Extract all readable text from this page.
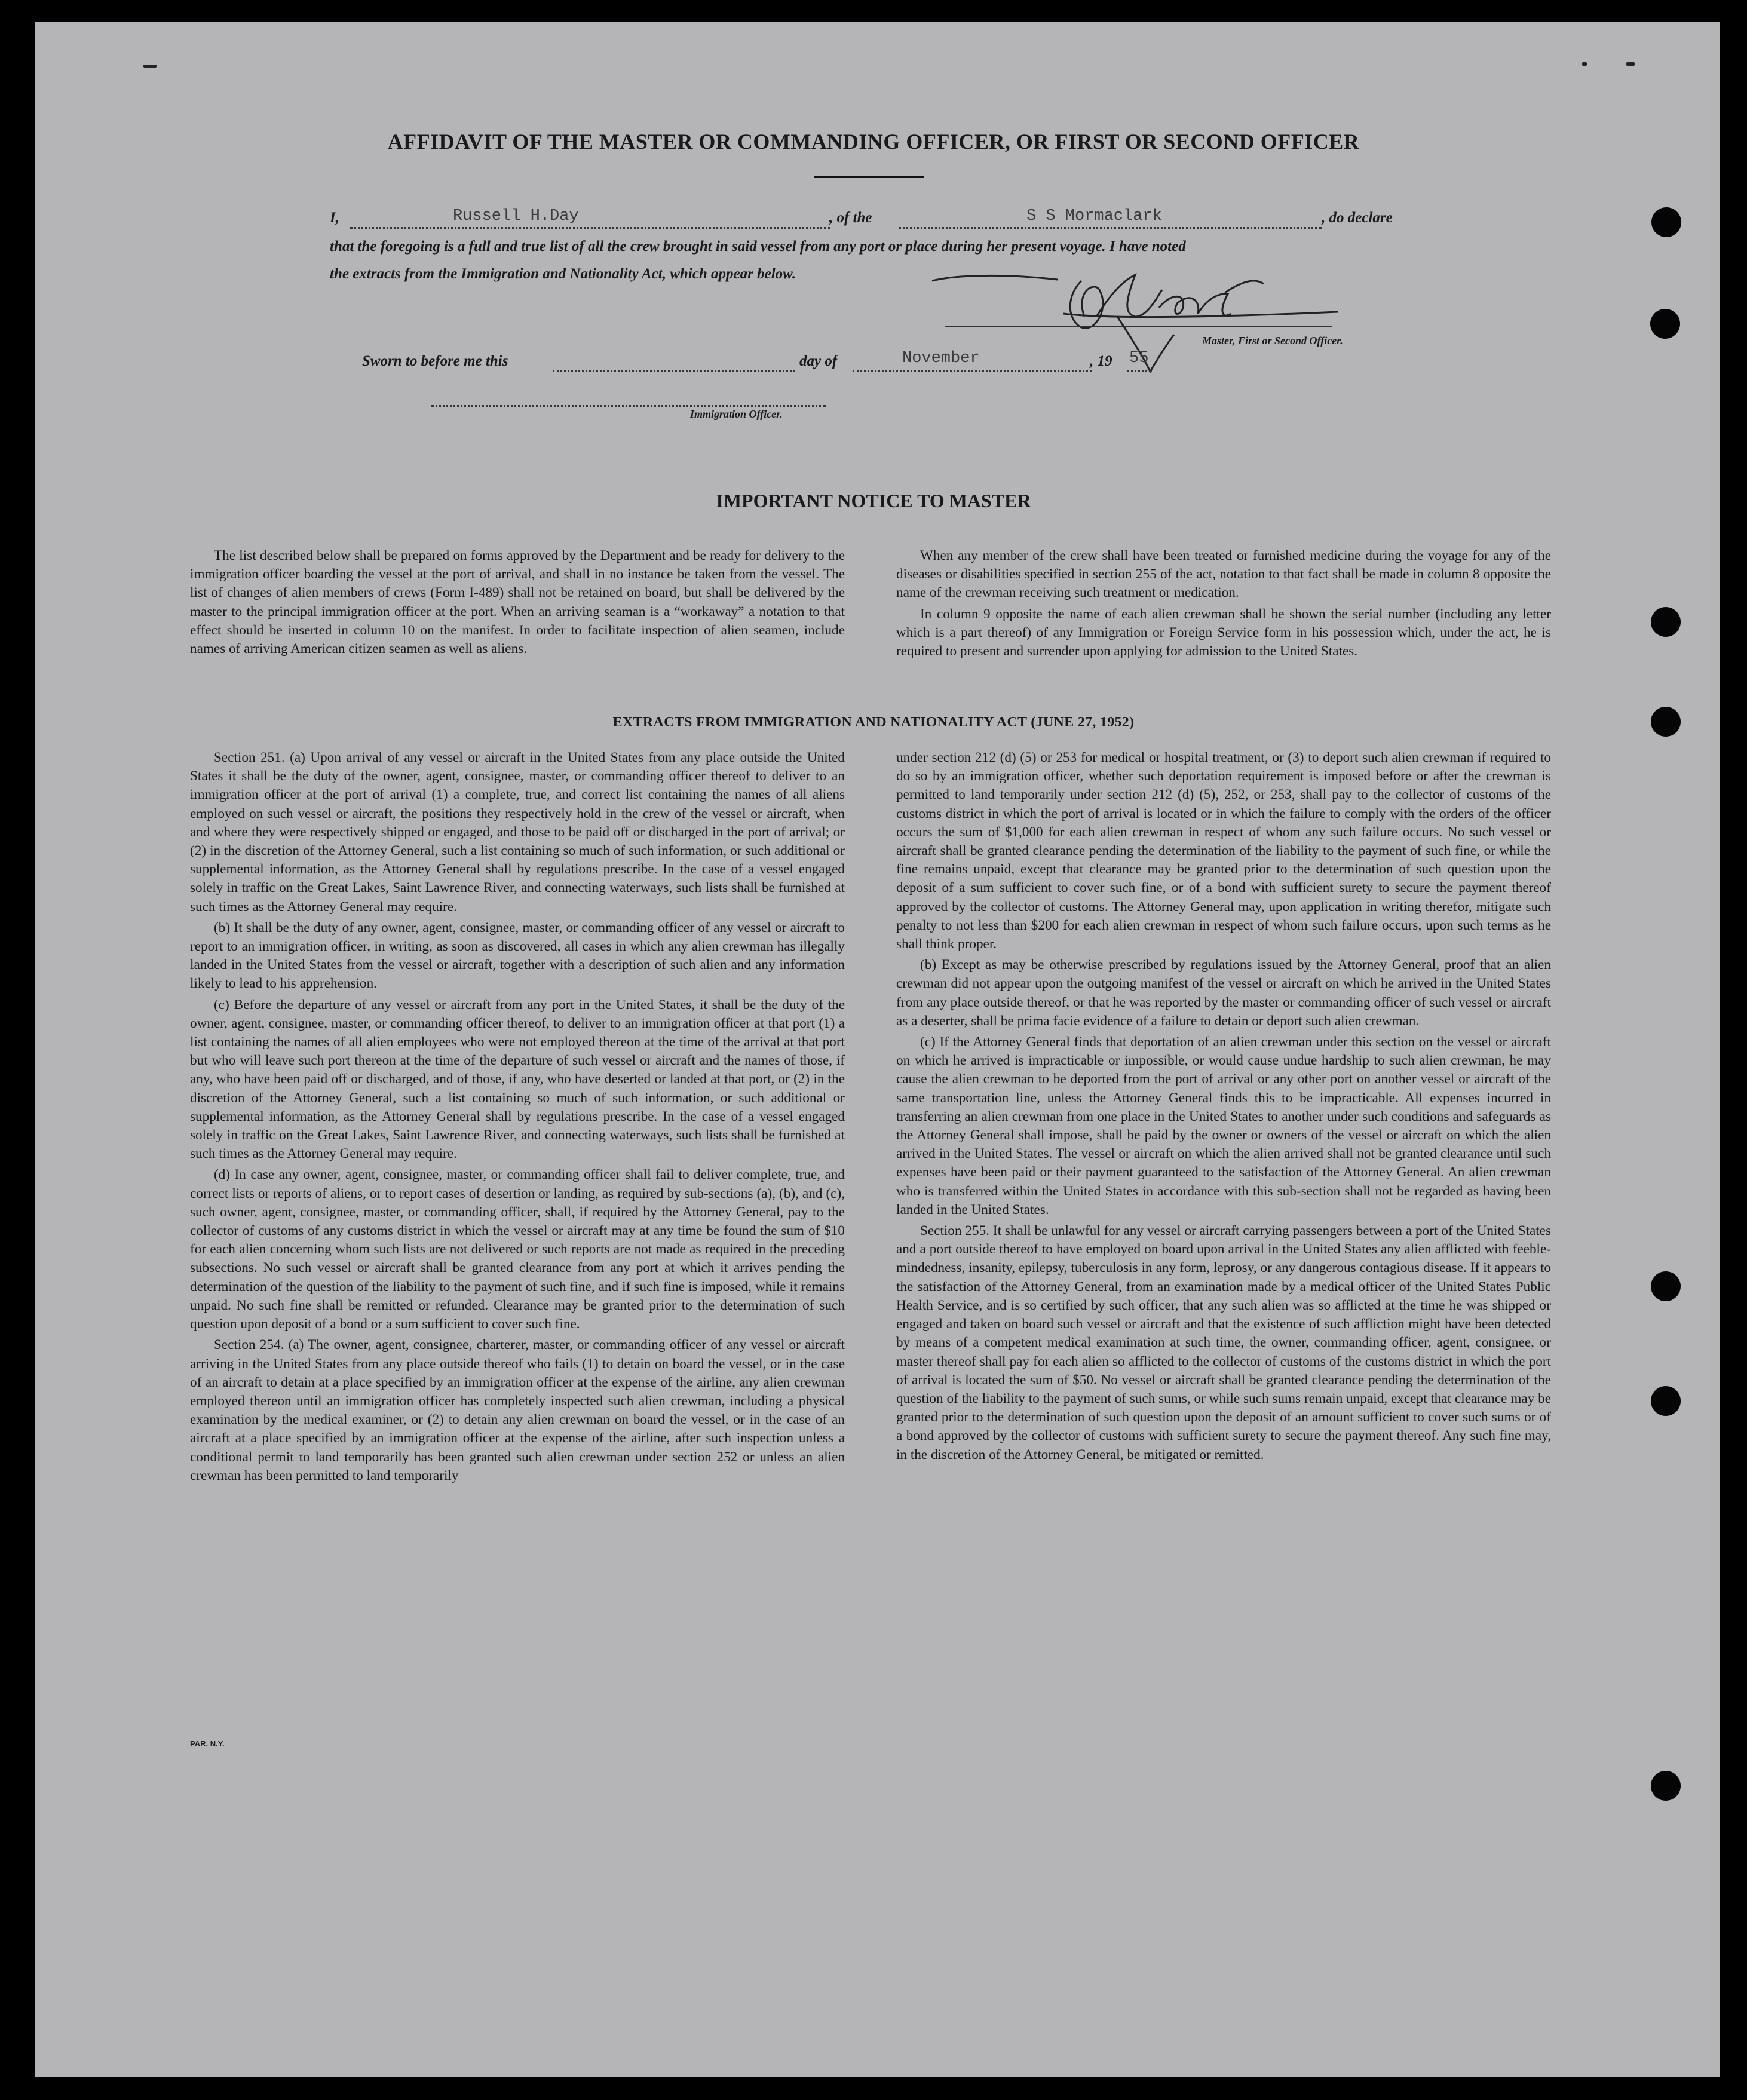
AFFIDAVIT OF THE MASTER OR COMMANDING OFFICER, OR FIRST OR SECOND OFFICER
I,	Russell H.Day	, of the	S S Mormaclark	, do declare
that the foregoing is a full and true list of all the crew brought in said vessel from any port or place during her present voyage. I have noted
the extracts from the Immigration and Nationality Act, which appear below.
Master, First or Second Officer.
Sworn to before me this	day of	November	, 19 55
Immigration Officer.
IMPORTANT NOTICE TO MASTER

The list described below shall be prepared on forms approved by the Department and be ready for delivery to the immigration officer boarding the vessel at the port of arrival, and shall in no instance be taken from the vessel. The list of changes of alien members of crews (Form I-489) shall not be retained on board, but shall be delivered by the master to the principal immigration officer at the port. When an arriving seaman is a “workaway” a notation to that effect should be inserted in column 10 on the manifest. In order to facilitate inspection of alien seamen, include names of arriving American citizen seamen as well as aliens.

When any member of the crew shall have been treated or furnished medicine during the voyage for any of the diseases or disabilities specified in section 255 of the act, notation to that fact shall be made in column 8 opposite the name of the crewman receiving such treatment or medication.

In column 9 opposite the name of each alien crewman shall be shown the serial number (including any letter which is a part thereof) of any Immigration or Foreign Service form in his possession which, under the act, he is required to present and surrender upon applying for admission to the United States.

EXTRACTS FROM IMMIGRATION AND NATIONALITY ACT (JUNE 27, 1952)

Section 251. (a) Upon arrival of any vessel or aircraft in the United States from any place outside the United States it shall be the duty of the owner, agent, consignee, master, or commanding officer thereof to deliver to an immigration officer at the port of arrival (1) a complete, true, and correct list containing the names of all aliens employed on such vessel or aircraft, the positions they respectively hold in the crew of the vessel or aircraft, when and where they were respectively shipped or engaged, and those to be paid off or discharged in the port of arrival; or (2) in the discretion of the Attorney General, such a list containing so much of such information, or such additional or supplemental information, as the Attorney General shall by regulations prescribe. In the case of a vessel engaged solely in traffic on the Great Lakes, Saint Lawrence River, and connecting waterways, such lists shall be furnished at such times as the Attorney General may require.

(b) It shall be the duty of any owner, agent, consignee, master, or commanding officer of any vessel or aircraft to report to an immigration officer, in writing, as soon as discovered, all cases in which any alien crewman has illegally landed in the United States from the vessel or aircraft, together with a description of such alien and any information likely to lead to his apprehension.

(c) Before the departure of any vessel or aircraft from any port in the United States, it shall be the duty of the owner, agent, consignee, master, or commanding officer thereof, to deliver to an immigration officer at that port (1) a list containing the names of all alien employees who were not employed thereon at the time of the arrival at that port but who will leave such port thereon at the time of the departure of such vessel or aircraft and the names of those, if any, who have been paid off or discharged, and of those, if any, who have deserted or landed at that port, or (2) in the discretion of the Attorney General, such a list containing so much of such information, or such additional or supplemental information, as the Attorney General shall by regulations prescribe. In the case of a vessel engaged solely in traffic on the Great Lakes, Saint Lawrence River, and connecting waterways, such lists shall be furnished at such times as the Attorney General may require.

(d) In case any owner, agent, consignee, master, or commanding officer shall fail to deliver complete, true, and correct lists or reports of aliens, or to report cases of desertion or landing, as required by sub-sections (a), (b), and (c), such owner, agent, consignee, master, or commanding officer, shall, if required by the Attorney General, pay to the collector of customs of any customs district in which the vessel or aircraft may at any time be found the sum of $10 for each alien concerning whom such lists are not delivered or such reports are not made as required in the preceding subsections. No such vessel or aircraft shall be granted clearance from any port at which it arrives pending the determination of the question of the liability to the payment of such fine, and if such fine is imposed, while it remains unpaid. No such fine shall be remitted or refunded. Clearance may be granted prior to the determination of such question upon deposit of a bond or a sum sufficient to cover such fine.

Section 254. (a) The owner, agent, consignee, charterer, master, or commanding officer of any vessel or aircraft arriving in the United States from any place outside thereof who fails (1) to detain on board the vessel, or in the case of an aircraft to detain at a place specified by an immigration officer at the expense of the airline, any alien crewman employed thereon until an immigration officer has completely inspected such alien crewman, including a physical examination by the medical examiner, or (2) to detain any alien crewman on board the vessel, or in the case of an aircraft at a place specified by an immigration officer at the expense of the airline, after such inspection unless a conditional permit to land temporarily has been granted such alien crewman under section 252 or unless an alien crewman has been permitted to land temporarily

under section 212 (d) (5) or 253 for medical or hospital treatment, or (3) to deport such alien crewman if required to do so by an immigration officer, whether such deportation requirement is imposed before or after the crewman is permitted to land temporarily under section 212 (d) (5), 252, or 253, shall pay to the collector of customs of the customs district in which the port of arrival is located or in which the failure to comply with the orders of the officer occurs the sum of $1,000 for each alien crewman in respect of whom any such failure occurs. No such vessel or aircraft shall be granted clearance pending the determination of the liability to the payment of such fine, or while the fine remains unpaid, except that clearance may be granted prior to the determination of such question upon the deposit of a sum sufficient to cover such fine, or of a bond with sufficient surety to secure the payment thereof approved by the collector of customs. The Attorney General may, upon application in writing therefor, mitigate such penalty to not less than $200 for each alien crewman in respect of whom such failure occurs, upon such terms as he shall think proper.

(b) Except as may be otherwise prescribed by regulations issued by the Attorney General, proof that an alien crewman did not appear upon the outgoing manifest of the vessel or aircraft on which he arrived in the United States from any place outside thereof, or that he was reported by the master or commanding officer of such vessel or aircraft as a deserter, shall be prima facie evidence of a failure to detain or deport such alien crewman.

(c) If the Attorney General finds that deportation of an alien crewman under this section on the vessel or aircraft on which he arrived is impracticable or impossible, or would cause undue hardship to such alien crewman, he may cause the alien crewman to be deported from the port of arrival or any other port on another vessel or aircraft of the same transportation line, unless the Attorney General finds this to be impracticable. All expenses incurred in transferring an alien crewman from one place in the United States to another under such conditions and safeguards as the Attorney General shall impose, shall be paid by the owner or owners of the vessel or aircraft on which the alien arrived in the United States. The vessel or aircraft on which the alien arrived shall not be granted clearance until such expenses have been paid or their payment guaranteed to the satisfaction of the Attorney General. An alien crewman who is transferred within the United States in accordance with this sub-section shall not be regarded as having been landed in the United States.

Section 255. It shall be unlawful for any vessel or aircraft carrying passengers between a port of the United States and a port outside thereof to have employed on board upon arrival in the United States any alien afflicted with feeble-mindedness, insanity, epilepsy, tuberculosis in any form, leprosy, or any dangerous contagious disease. If it appears to the satisfaction of the Attorney General, from an examination made by a medical officer of the United States Public Health Service, and is so certified by such officer, that any such alien was so afflicted at the time he was shipped or engaged and taken on board such vessel or aircraft and that the existence of such affliction might have been detected by means of a competent medical examination at such time, the owner, commanding officer, agent, consignee, or master thereof shall pay for each alien so afflicted to the collector of customs of the customs district in which the port of arrival is located the sum of $50. No vessel or aircraft shall be granted clearance pending the determination of the question of the liability to the payment of such sums, or while such sums remain unpaid, except that clearance may be granted prior to the determination of such question upon the deposit of an amount sufficient to cover such sums or of a bond approved by the collector of customs with sufficient surety to secure the payment thereof. Any such fine may, in the discretion of the Attorney General, be mitigated or remitted.

PAR. N.Y.
